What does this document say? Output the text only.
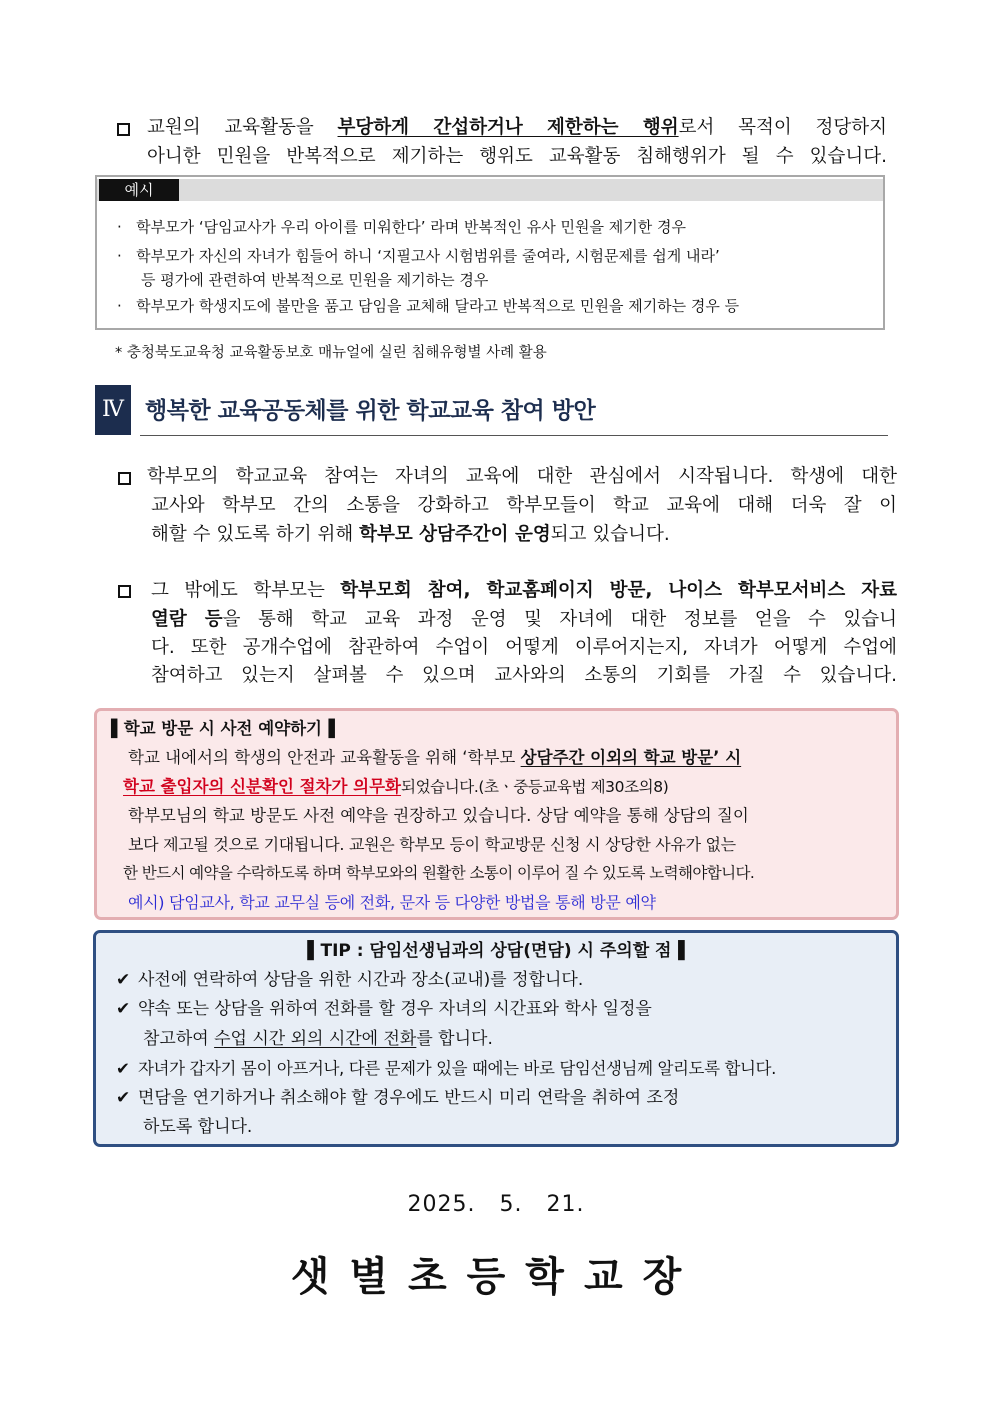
교원의 교육활동을 부당하게 간섭하거나 제한하는 행위로서 목적이 정당하지
아니한 민원을 반복적으로 제기하는 행위도 교육활동 침해행위가 될 수 있습니다.
예시
· 학부모가 ‘담임교사가 우리 아이를 미워한다’ 라며 반복적인 유사 민원을 제기한 경우
· 학부모가 자신의 자녀가 힘들어 하니 ‘지필고사 시험범위를 줄여라, 시험문제를 쉽게 내라’
등 평가에 관련하여 반복적으로 민원을 제기하는 경우
· 학부모가 학생지도에 불만을 품고 담임을 교체해 달라고 반복적으로 민원을 제기하는 경우 등
* 충청북도교육청 교육활동보호 매뉴얼에 실린 침해유형별 사례 활용
Ⅳ 행복한 교육공동체를 위한 학교교육 참여 방안
학부모의 학교교육 참여는 자녀의 교육에 대한 관심에서 시작됩니다. 학생에 대한
교사와 학부모 간의 소통을 강화하고 학부모들이 학교 교육에 대해 더욱 잘 이
해할 수 있도록 하기 위해 학부모 상담주간이 운영되고 있습니다.
그 밖에도 학부모는 학부모회 참여, 학교홈페이지 방문, 나이스 학부모서비스 자료
열람 등을 통해 학교 교육 과정 운영 및 자녀에 대한 정보를 얻을 수 있습니
다. 또한 공개수업에 참관하여 수업이 어떻게 이루어지는지, 자녀가 어떻게 수업에
참여하고 있는지 살펴볼 수 있으며 교사와의 소통의 기회를 가질 수 있습니다.
▌학교 방문 시 사전 예약하기▐
학교 내에서의 학생의 안전과 교육활동을 위해 ‘학부모 상담주간 이외의 학교 방문’ 시
학교 출입자의 신분확인 절차가 의무화되었습니다.(초ㆍ중등교육법 제30조의8)
학부모님의 학교 방문도 사전 예약을 권장하고 있습니다. 상담 예약을 통해 상담의 질이
보다 제고될 것으로 기대됩니다. 교원은 학부모 등이 학교방문 신청 시 상당한 사유가 없는
한 반드시 예약을 수락하도록 하며 학부모와의 원활한 소통이 이루어 질 수 있도록 노력해야합니다.
예시) 담임교사, 학교 교무실 등에 전화, 문자 등 다양한 방법을 통해 방문 예약
▌TIP : 담임선생님과의 상담(면담) 시 주의할 점▐
✔ 사전에 연락하여 상담을 위한 시간과 장소(교내)를 정합니다.
✔ 약속 또는 상담을 위하여 전화를 할 경우 자녀의 시간표와 학사 일정을
참고하여 수업 시간 외의 시간에 전화를 합니다.
✔ 자녀가 갑자기 몸이 아프거나, 다른 문제가 있을 때에는 바로 담임선생님께 알리도록 합니다.
✔ 면담을 연기하거나 취소해야 할 경우에도 반드시 미리 연락을 취하여 조정
하도록 합니다.
2025.   5.   21.
샛별초등학교장
